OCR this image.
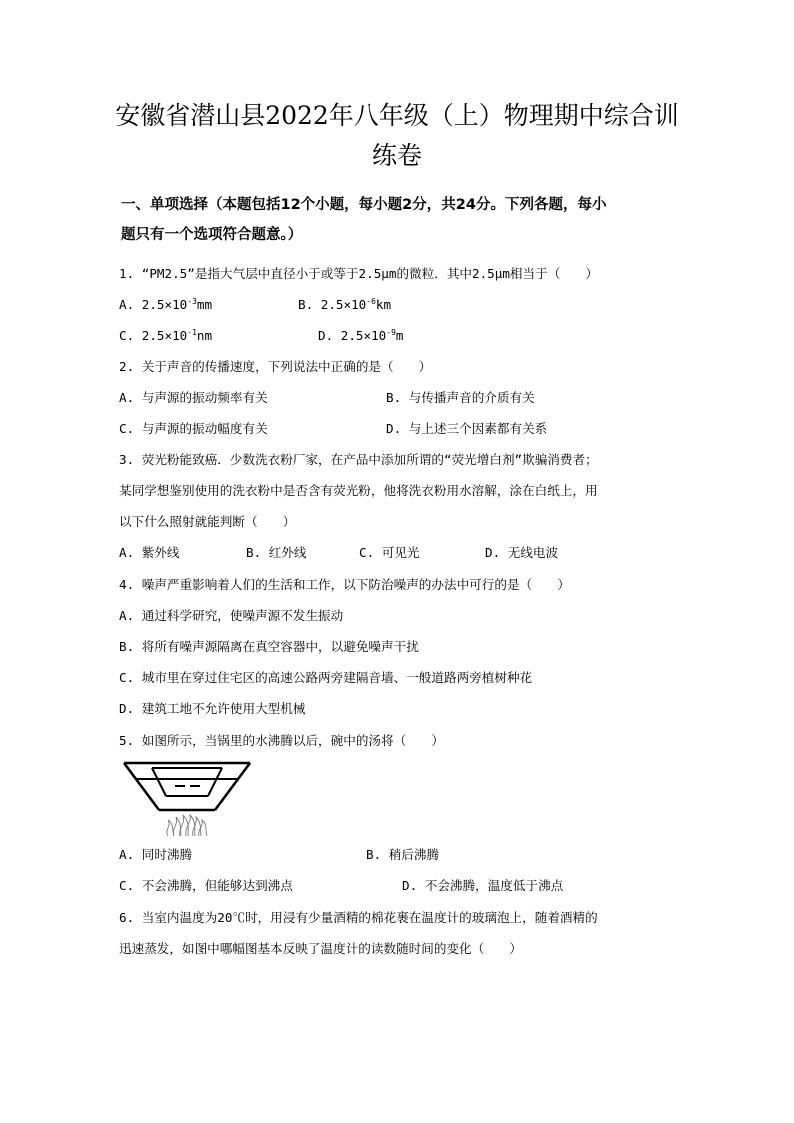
安徽省潜山县2022年八年级（上）物理期中综合训
练卷
一、单项选择（本题包括12个小题，每小题2分，共24分。下列各题，每小
题只有一个选项符合题意。）
1. “PM2.5”是指大气层中直径小于或等于2.5μm的微粒．其中2.5μm相当于（　　）
A. $2.5\times 10^{-3}mm$	B. $2.5\times 10^{-6}km$
C. $2.5\times 10^{-1}nm$	D. $2.5\times 10^{-9}m$
2. 关于声音的传播速度，下列说法中正确的是（　　）
A. 与声源的振动频率有关	B. 与传播声音的介质有关
C. 与声源的振动幅度有关	D. 与上述三个因素都有关系
3. 荧光粉能致癌．少数洗衣粉厂家，在产品中添加所谓的“荧光增白剂”欺骗消费者；
某同学想鉴别使用的洗衣粉中是否含有荧光粉，他将洗衣粉用水溶解，涂在白纸上，用
以下什么照射就能判断（　　）
A. 紫外线	B. 红外线	C. 可见光	D. 无线电波
4. 噪声严重影响着人们的生活和工作，以下防治噪声的办法中可行的是（　　）
A. 通过科学研究，使噪声源不发生振动
B. 将所有噪声源隔离在真空容器中，以避免噪声干扰
C. 城市里在穿过住宅区的高速公路两旁建隔音墙、一般道路两旁植树种花
D. 建筑工地不允许使用大型机械
5. 如图所示，当锅里的水沸腾以后，碗中的汤将（　　）
A. 同时沸腾	B. 稍后沸腾
C. 不会沸腾，但能够达到沸点	D. 不会沸腾，温度低于沸点
6. 当室内温度为20℃时，用浸有少量酒精的棉花裹在温度计的玻璃泡上，随着酒精的
迅速蒸发，如图中哪幅图基本反映了温度计的读数随时间的变化（　　）
